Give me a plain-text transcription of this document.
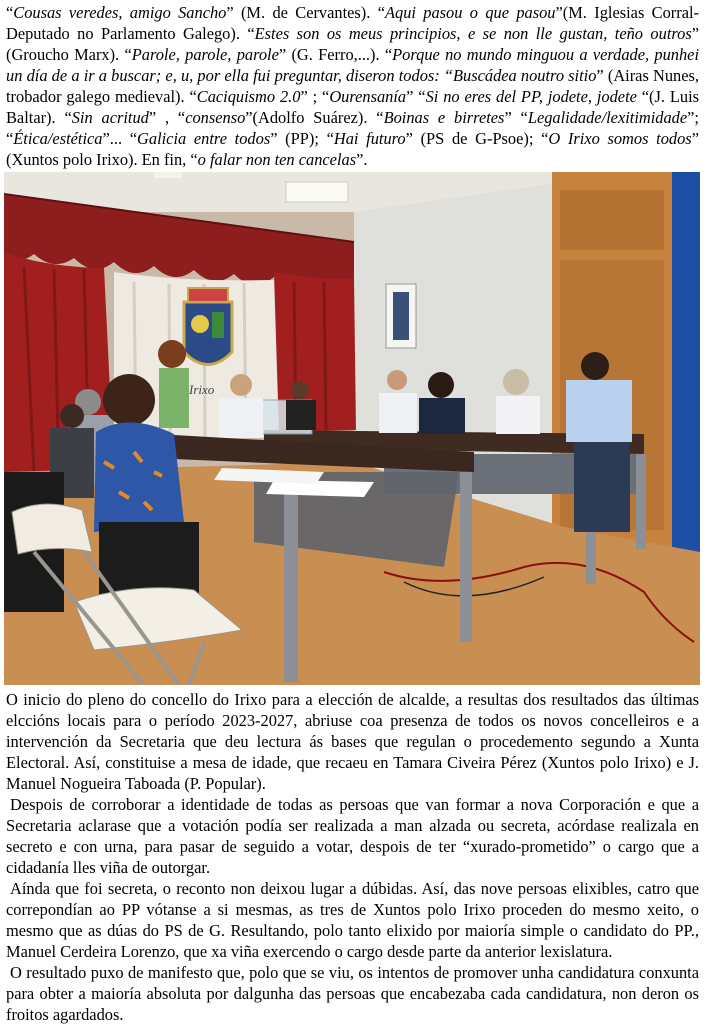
“Cousas veredes, amigo Sancho” (M. de Cervantes). “Aqui pasou o que pasou”(M. Iglesias Corral- Deputado no Parlamento Galego). “Estes son os meus principios, e se non lle gustan, teño outros” (Groucho Marx). “Parole, parole, parole” (G. Ferro,...). “Porque no mundo minguou a verdade, punhei un día de a ir a buscar; e, u, por ella fui preguntar, diseron todos: “Buscádea noutro sitio” (Airas Nunes, trobador galego medieval). “Caciquismo 2.0” ; “Ourensanía” “Si no eres del PP, jodete, jodete “(J. Luis Baltar). “Sin acritud” , “consenso”(Adolfo Suárez). “Boinas e birretes” “Legalidade/lexitimidade”; “Ética/estética”... “Galicia entre todos” (PP); “Hai futuro” (PS de G-Psoe); “O Irixo somos todos” (Xuntos polo Irixo). En fin, “o falar non ten cancelas”.
Irixo

O inicio do pleno do concello do Irixo para a elección de alcalde, a resultas dos resultados das últimas elccións locais para o período 2023-2027, abriuse coa presenza de todos os novos concelleiros e a intervención da Secretaria que deu lectura ás bases que regulan o procedemento segundo a Xunta Electoral. Así, constituise a mesa de idade, que recaeu en Tamara Civeira Pérez (Xuntos polo Irixo) e J. Manuel Nogueira Taboada (P. Popular).

Despois de corroborar a identidade de todas as persoas que van formar a nova Corporación e que a Secretaria aclarase que a votación podía ser realizada a man alzada ou secreta, acórdase realizala en secreto e con urna, para pasar de seguido a votar, despois de ter “xurado-prometido” o cargo que a cidadanía lles viña de outorgar.

Aínda que foi secreta, o reconto non deixou lugar a dúbidas. Así, das nove persoas elixibles, catro que correpondían ao PP vótanse a si mesmas, as tres de Xuntos polo Irixo proceden do mesmo xeito, o mesmo que as dúas do PS de G. Resultando, polo tanto elixido por maioría simple o candidato do PP., Manuel Cerdeira Lorenzo, que xa viña exercendo o cargo desde parte da anterior lexislatura.

O resultado puxo de manifesto que, polo que se viu, os intentos de promover unha candidatura conxunta para obter a maioría absoluta por dalgunha das persoas que encabezaba cada candidatura, non deron os froitos agardados.
